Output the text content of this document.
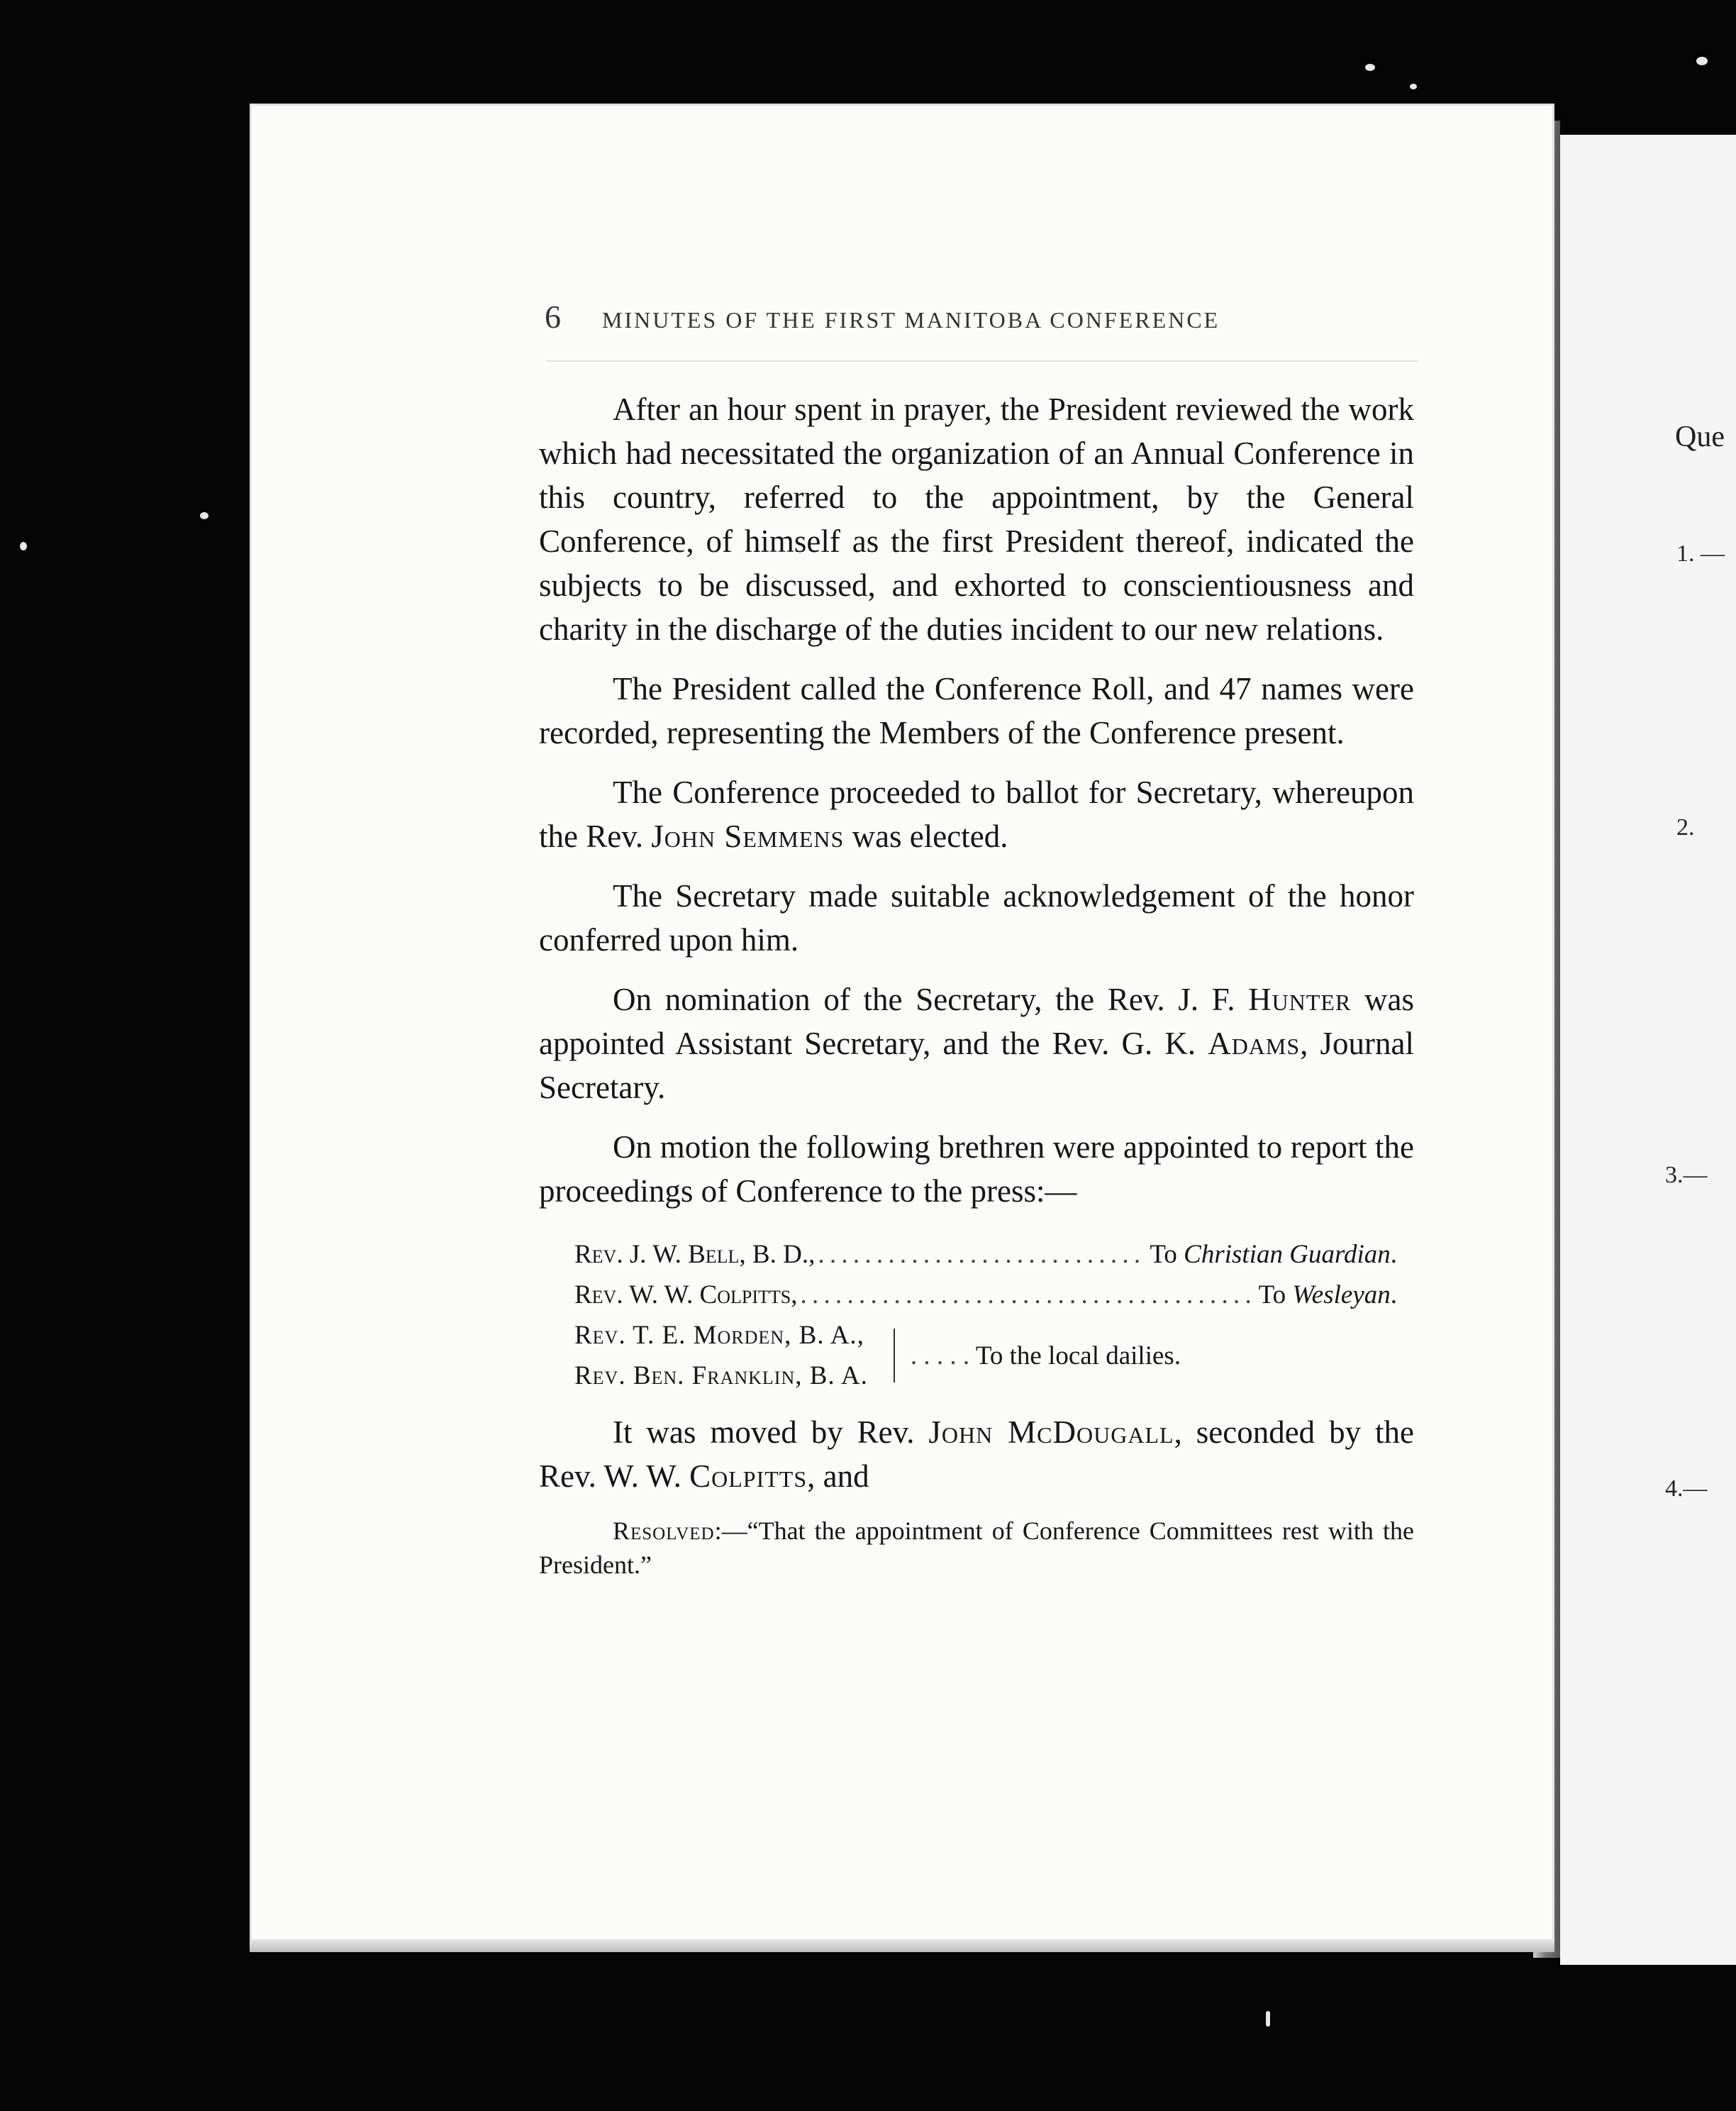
Que
1. —
2.
3.—
4.—
6 MINUTES OF THE FIRST MANITOBA CONFERENCE

After an hour spent in prayer, the President reviewed the work which had necessitated the organization of an Annual Conference in this country, referred to the appointment, by the General Conference, of himself as the first President thereof, indicated the subjects to be discussed, and exhorted to conscientiousness and charity in the discharge of the duties incident to our new relations.

The President called the Conference Roll, and 47 names were recorded, representing the Members of the Conference present.

The Conference proceeded to ballot for Secretary, whereupon the Rev. John Semmens was elected.

The Secretary made suitable acknowledgement of the honor conferred upon him.

On nomination of the Secretary, the Rev. J. F. Hunter was appointed Assistant Secretary, and the Rev. G. K. Adams, Journal Secretary.

On motion the following brethren were appointed to report the proceedings of Conference to the press:—

Rev. J. W. Bell, B. D., . . .	To Christian Guardian.
Rev. W. W. Colpitts, . . .	To Wesleyan.
Rev. T. E. Morden, B. A.,
Rev. Ben. Franklin, B. A.
. . .
To the local dailies.

It was moved by Rev. John McDougall, seconded by the Rev. W. W. Colpitts, and

Resolved:—“That the appointment of Conference Committees rest with the President.”
